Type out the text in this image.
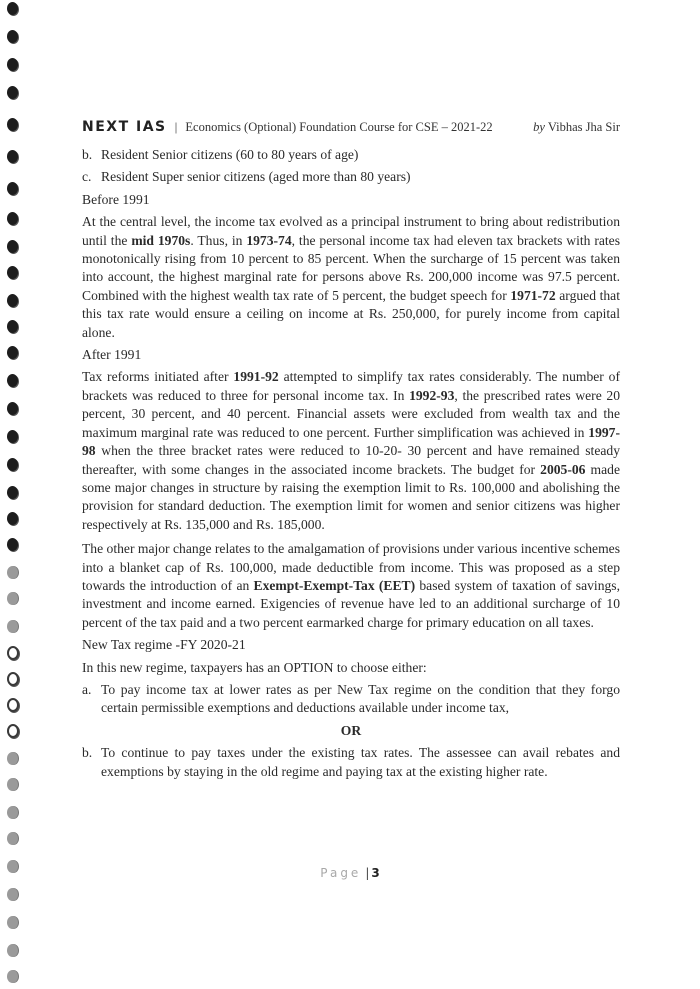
NEXT IAS | Economics (Optional) Foundation Course for CSE – 2021-22	by Vibhas Jha Sir
b. Resident Senior citizens (60 to 80 years of age)
c. Resident Super senior citizens (aged more than 80 years)

Before 1991

At the central level, the income tax evolved as a principal instrument to bring about redistribution until the mid 1970s. Thus, in 1973-74, the personal income tax had eleven tax brackets with rates monotonically rising from 10 percent to 85 percent. When the surcharge of 15 percent was taken into account, the highest marginal rate for persons above Rs. 200,000 income was 97.5 percent. Combined with the highest wealth tax rate of 5 percent, the budget speech for 1971-72 argued that this tax rate would ensure a ceiling on income at Rs. 250,000, for purely income from capital alone.

After 1991

Tax reforms initiated after 1991-92 attempted to simplify tax rates considerably. The number of brackets was reduced to three for personal income tax. In 1992-93, the prescribed rates were 20 percent, 30 percent, and 40 percent. Financial assets were excluded from wealth tax and the maximum marginal rate was reduced to one percent. Further simplification was achieved in 1997-98 when the three bracket rates were reduced to 10-20- 30 percent and have remained steady thereafter, with some changes in the associated income brackets. The budget for 2005-06 made some major changes in structure by raising the exemption limit to Rs. 100,000 and abolishing the provision for standard deduction. The exemption limit for women and senior citizens was higher respectively at Rs. 135,000 and Rs. 185,000.

The other major change relates to the amalgamation of provisions under various incentive schemes into a blanket cap of Rs. 100,000, made deductible from income. This was proposed as a step towards the introduction of an Exempt-Exempt-Tax (EET) based system of taxation of savings, investment and income earned. Exigencies of revenue have led to an additional surcharge of 10 percent of the tax paid and a two percent earmarked charge for primary education on all taxes.

New Tax regime -FY 2020-21

In this new regime, taxpayers has an OPTION to choose either:

a. To pay income tax at lower rates as per New Tax regime on the condition that they forgo certain permissible exemptions and deductions available under income tax,

OR

b. To continue to pay taxes under the existing tax rates. The assessee can avail rebates and exemptions by staying in the old regime and paying tax at the existing higher rate.
Page | 3
